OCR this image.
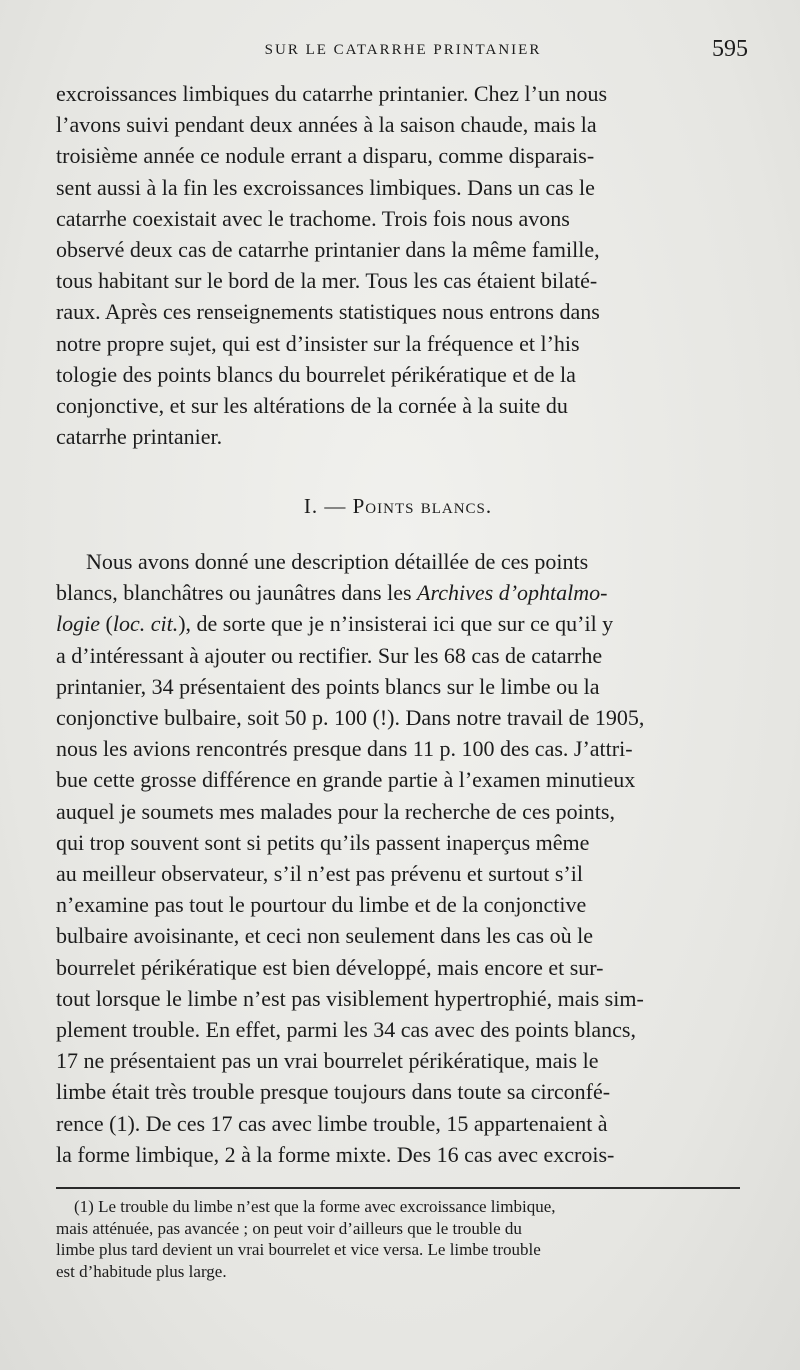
SUR LE CATARRHE PRINTANIER	595
excroissances limbiques du catarrhe printanier. Chez l’un nous
l’avons suivi pendant deux années à la saison chaude, mais la
troisième année ce nodule errant a disparu, comme disparais-
sent aussi à la fin les excroissances limbiques. Dans un cas le
catarrhe coexistait avec le trachome. Trois fois nous avons
observé deux cas de catarrhe printanier dans la même famille,
tous habitant sur le bord de la mer. Tous les cas étaient bilaté-
raux. Après ces renseignements statistiques nous entrons dans
notre propre sujet, qui est d’insister sur la fréquence et l’his
tologie des points blancs du bourrelet périkératique et de la
conjonctive, et sur les altérations de la cornée à la suite du
catarrhe printanier.
I. — Points blancs.
Nous avons donné une description détaillée de ces points
blancs, blanchâtres ou jaunâtres dans les Archives d’ophtalmo-
logie (loc. cit.), de sorte que je n’insisterai ici que sur ce qu’il y
a d’intéressant à ajouter ou rectifier. Sur les 68 cas de catarrhe
printanier, 34 présentaient des points blancs sur le limbe ou la
conjonctive bulbaire, soit 50 p. 100 (!). Dans notre travail de 1905,
nous les avions rencontrés presque dans 11 p. 100 des cas. J’attri-
bue cette grosse différence en grande partie à l’examen minutieux
auquel je soumets mes malades pour la recherche de ces points,
qui trop souvent sont si petits qu’ils passent inaperçus même
au meilleur observateur, s’il n’est pas prévenu et surtout s’il
n’examine pas tout le pourtour du limbe et de la conjonctive
bulbaire avoisinante, et ceci non seulement dans les cas où le
bourrelet périkératique est bien développé, mais encore et sur-
tout lorsque le limbe n’est pas visiblement hypertrophié, mais sim-
plement trouble. En effet, parmi les 34 cas avec des points blancs,
17 ne présentaient pas un vrai bourrelet périkératique, mais le
limbe était très trouble presque toujours dans toute sa circonfé-
rence (1). De ces 17 cas avec limbe trouble, 15 appartenaient à
la forme limbique, 2 à la forme mixte. Des 16 cas avec excrois-
(1) Le trouble du limbe n’est que la forme avec excroissance limbique,
mais atténuée, pas avancée ; on peut voir d’ailleurs que le trouble du
limbe plus tard devient un vrai bourrelet et vice versa. Le limbe trouble
est d’habitude plus large.
